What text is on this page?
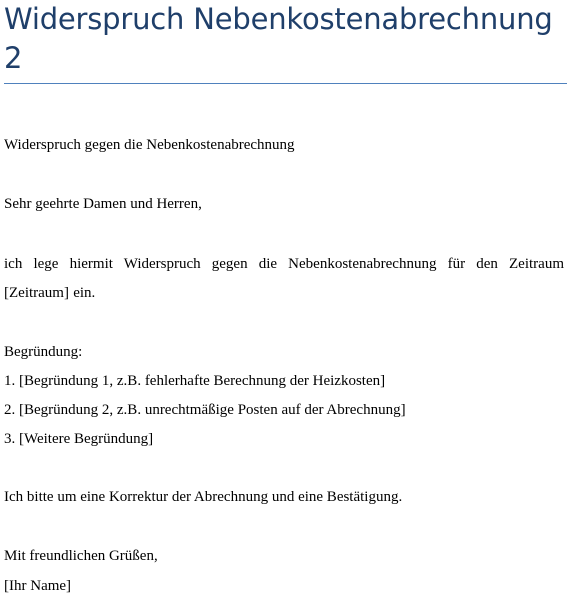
Widerspruch Nebenkostenabrechnung 2
Widerspruch gegen die Nebenkostenabrechnung
Sehr geehrte Damen und Herren,
ich lege hiermit Widerspruch gegen die Nebenkostenabrechnung für den Zeitraum [Zeitraum] ein.
Begründung:
1. [Begründung 1, z.B. fehlerhafte Berechnung der Heizkosten]
2. [Begründung 2, z.B. unrechtmäßige Posten auf der Abrechnung]
3. [Weitere Begründung]
Ich bitte um eine Korrektur der Abrechnung und eine Bestätigung.
Mit freundlichen Grüßen,
[Ihr Name]
